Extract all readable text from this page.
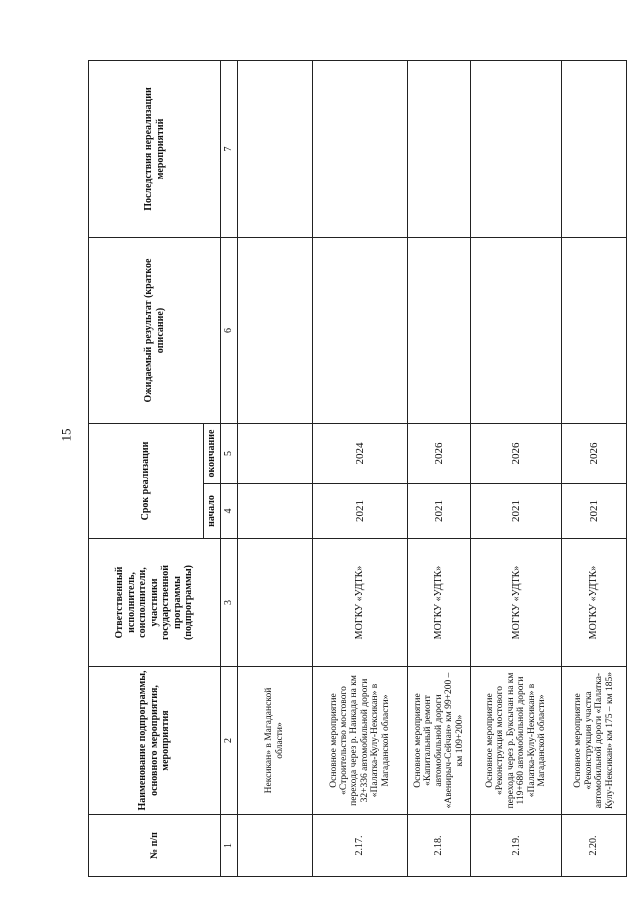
15
№ п/п	Наименование подпрограммы, основного мероприятия, мероприятия	Ответственный исполнитель, соисполнители, участники государственной программы (подпрограммы)	Срок реализации		Ожидаемый результат (краткое описание)	Последствия нереализации мероприятий
			начало	окончание		
1	2	3	4	5	6	7
	Нексикан» в Магаданской области»					
2.17.	Основное мероприятие «Строительство мостового перехода через р. Наикада на км 32+336 автомобильной дороги «Палатка-Кулу-Нексикан» в Магаданской области»	МОГКУ «УДТК»	2021	2024		
2.18.	Основное мероприятие «Капитальный ремонт автомобильной дороги «Авенирыч-Сейчан» км 99+200 – км 109+200»	МОГКУ «УДТК»	2021	2026		
2.19.	Основное мероприятие «Реконструкция мостового перехода через р. Буксычан на км 119+680 автомобильной дороги «Палатка-Кулу-Нексикан» в Магаданской области»	МОГКУ «УДТК»	2021	2026		
2.20.	Основное мероприятие «Реконструкция участка автомобильной дороги «Палатка-Кулу-Нексикан» км 175 – км 185»	МОГКУ «УДТК»	2021	2026		
